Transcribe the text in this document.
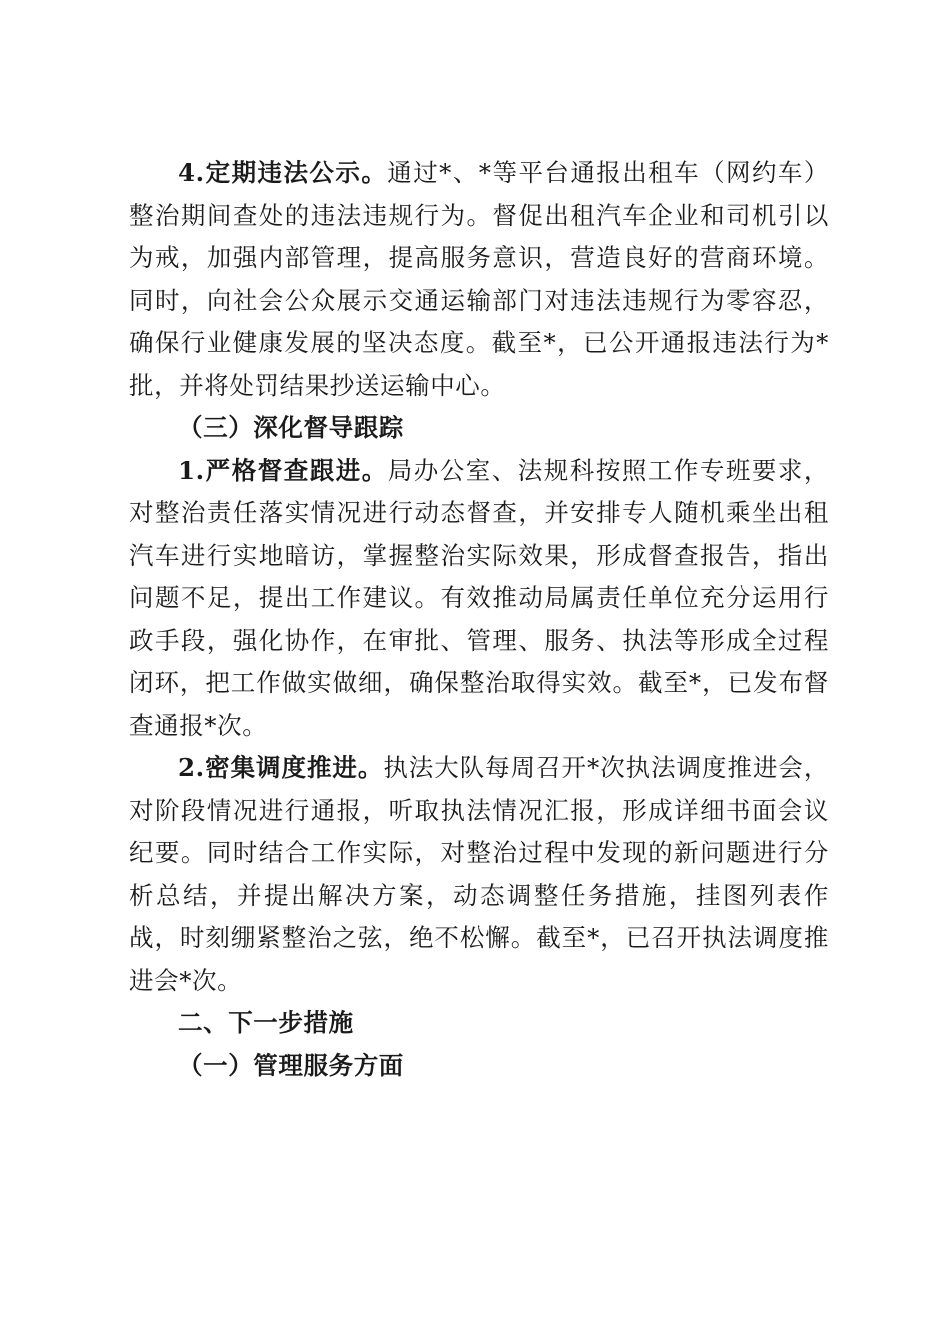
4.定期违法公示。通过*、*等平台通报出租车（网约车）整治期间查处的违法违规行为。督促出租汽车企业和司机引以为戒，加强内部管理，提高服务意识，营造良好的营商环境。同时，向社会公众展示交通运输部门对违法违规行为零容忍，确保行业健康发展的坚决态度。截至*，已公开通报违法行为*批，并将处罚结果抄送运输中心。

（三）深化督导跟踪

1.严格督查跟进。局办公室、法规科按照工作专班要求，对整治责任落实情况进行动态督查，并安排专人随机乘坐出租汽车进行实地暗访，掌握整治实际效果，形成督查报告，指出问题不足，提出工作建议。有效推动局属责任单位充分运用行政手段，强化协作，在审批、管理、服务、执法等形成全过程闭环，把工作做实做细，确保整治取得实效。截至*，已发布督查通报*次。

2.密集调度推进。执法大队每周召开*次执法调度推进会，对阶段情况进行通报，听取执法情况汇报，形成详细书面会议纪要。同时结合工作实际，对整治过程中发现的新问题进行分析总结，并提出解决方案，动态调整任务措施，挂图列表作战，时刻绷紧整治之弦，绝不松懈。截至*，已召开执法调度推进会*次。

二、下一步措施

（一）管理服务方面
